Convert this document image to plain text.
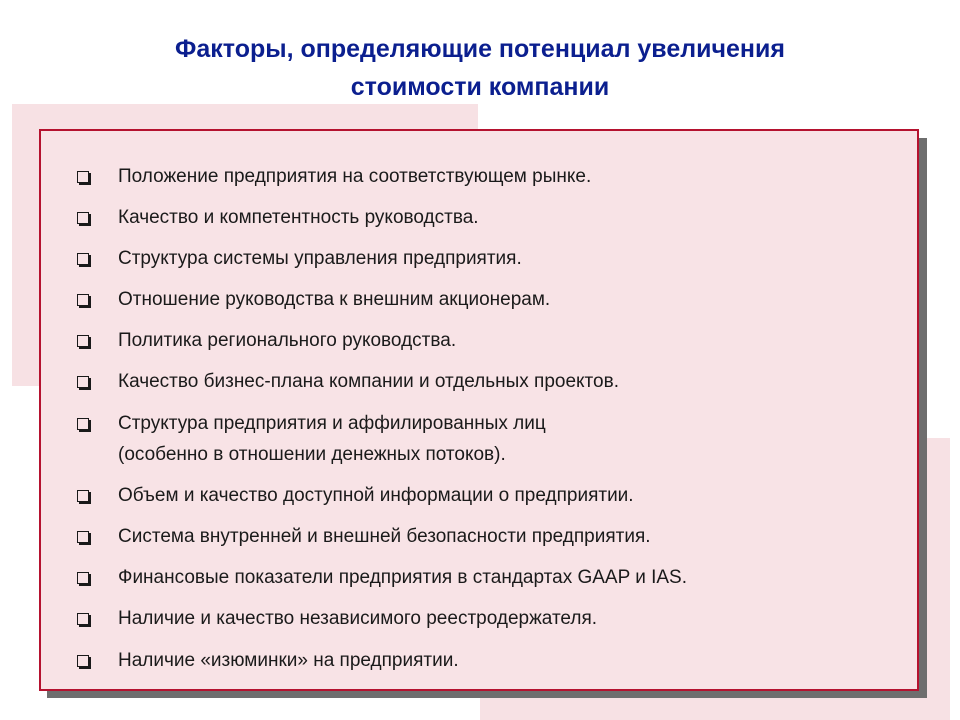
Факторы, определяющие потенциал увеличения
стоимости компании
Положение предприятия на соответствующем рынке.
Качество и компетентность руководства.
Структура системы управления предприятия.
Отношение руководства к внешним акционерам.
Политика регионального руководства.
Качество бизнес-плана компании и отдельных проектов.
Структура предприятия и аффилированных лиц
(особенно в отношении денежных потоков).
Объем и качество доступной информации о предприятии.
Система внутренней и внешней безопасности предприятия.
Финансовые показатели предприятия в стандартах GAAP и IAS.
Наличие и качество независимого реестродержателя.
Наличие «изюминки» на предприятии.
